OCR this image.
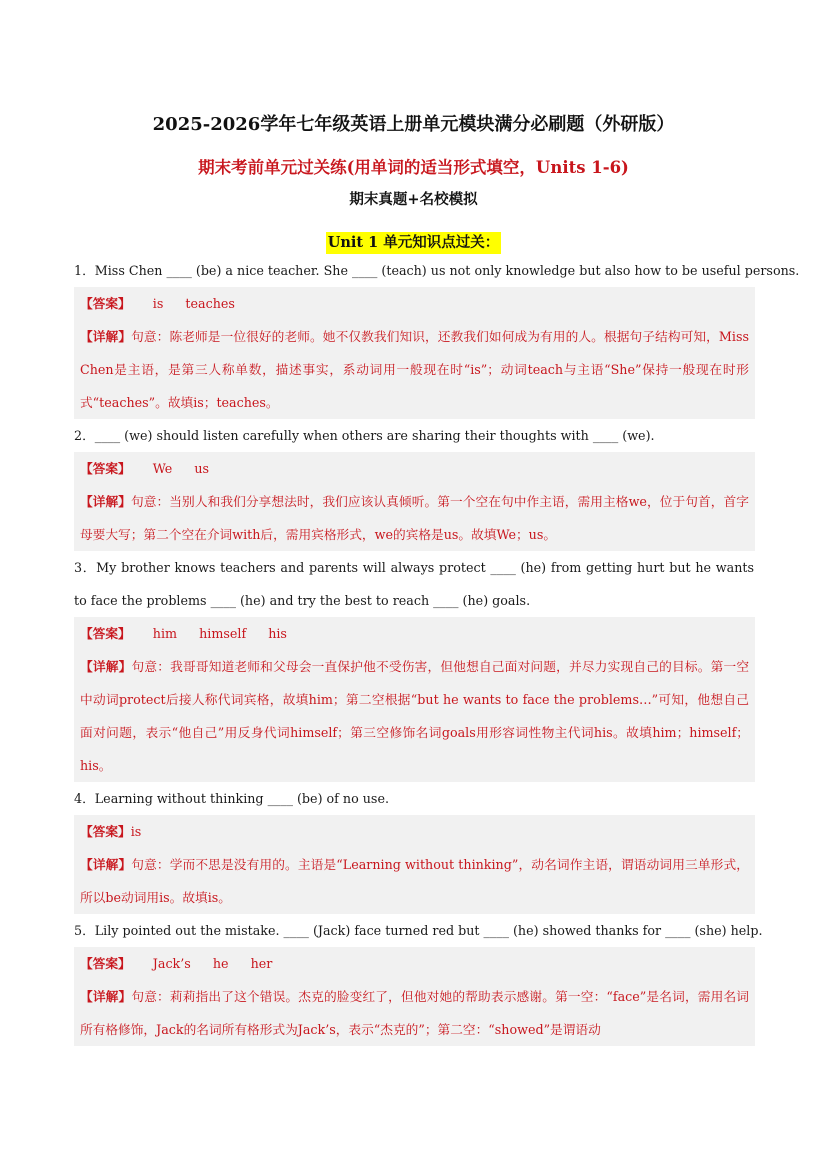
2025-2026学年七年级英语上册单元模块满分必刷题（外研版）
期末考前单元过关练(用单词的适当形式填空，Units 1-6)
期末真题+名校模拟
Unit 1 单元知识点过关：
1．Miss Chen ____ (be) a nice teacher. She ____ (teach) us not only knowledge but also how to be useful persons.
【答案】 is teaches
【详解】句意：陈老师是一位很好的老师。她不仅教我们知识，还教我们如何成为有用的人。根据句子结构可知，Miss Chen是主语，是第三人称单数，描述事实，系动词用一般现在时“is”；动词teach与主语“She”保持一般现在时形式“teaches”。故填is；teaches。
2．____ (we) should listen carefully when others are sharing their thoughts with ____ (we).
【答案】 We us
【详解】句意：当别人和我们分享想法时，我们应该认真倾听。第一个空在句中作主语，需用主格we，位于句首，首字母要大写；第二个空在介词with后，需用宾格形式，we的宾格是us。故填We；us。
3．My brother knows teachers and parents will always protect ____ (he) from getting hurt but he wants to face the problems ____ (he) and try the best to reach ____ (he) goals.
【答案】 him himself his
【详解】句意：我哥哥知道老师和父母会一直保护他不受伤害，但他想自己面对问题，并尽力实现自己的目标。第一空中动词protect后接人称代词宾格，故填him；第二空根据“but he wants to face the problems…”可知，他想自己面对问题，表示“他自己”用反身代词himself；第三空修饰名词goals用形容词性物主代词his。故填him；himself；his。
4．Learning without thinking ____ (be) of no use.
【答案】is
【详解】句意：学而不思是没有用的。主语是“Learning without thinking”，动名词作主语，谓语动词用三单形式，所以be动词用is。故填is。
5．Lily pointed out the mistake. ____ (Jack) face turned red but ____ (he) showed thanks for ____ (she) help.
【答案】 Jack’s he her
【详解】句意：莉莉指出了这个错误。杰克的脸变红了，但他对她的帮助表示感谢。第一空：“face”是名词，需用名词所有格修饰，Jack的名词所有格形式为Jack’s，表示“杰克的”；第二空：“showed”是谓语动
